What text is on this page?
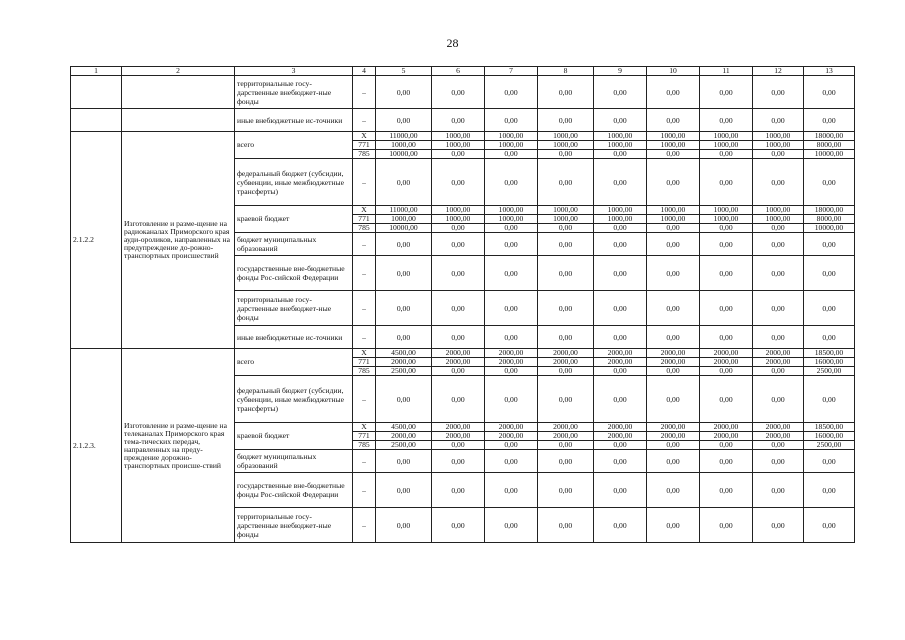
28
1	2	3	4	5	6	7	8	9	10	11	12	13
		территориальные госу-дарственные внебюджет-ные фонды	–	0,00	0,00	0,00	0,00	0,00	0,00	0,00	0,00	0,00
		иные внебюджетные ис-точники	–	0,00	0,00	0,00	0,00	0,00	0,00	0,00	0,00	0,00
2.1.2.2	Изготовление и разме-щение на радиоканалах Приморского края ауди-ороликов, направленных на предупреждение до-рожно-транспортных происшествий	всего	X	11000,00	1000,00	1000,00	1000,00	1000,00	1000,00	1000,00	1000,00	18000,00
			771	1000,00	1000,00	1000,00	1000,00	1000,00	1000,00	1000,00	1000,00	8000,00
			785	10000,00	0,00	0,00	0,00	0,00	0,00	0,00	0,00	10000,00
		федеральный бюджет (субсидии, субвенции, иные межбюджетные трансферты)	–	0,00	0,00	0,00	0,00	0,00	0,00	0,00	0,00	0,00
		краевой бюджет	X	11000,00	1000,00	1000,00	1000,00	1000,00	1000,00	1000,00	1000,00	18000,00
			771	1000,00	1000,00	1000,00	1000,00	1000,00	1000,00	1000,00	1000,00	8000,00
			785	10000,00	0,00	0,00	0,00	0,00	0,00	0,00	0,00	10000,00
		бюджет муниципальных образований	–	0,00	0,00	0,00	0,00	0,00	0,00	0,00	0,00	0,00
		государственные вне-бюджетные фонды Рос-сийской Федерации	–	0,00	0,00	0,00	0,00	0,00	0,00	0,00	0,00	0,00
		территориальные госу-дарственные внебюджет-ные фонды	–	0,00	0,00	0,00	0,00	0,00	0,00	0,00	0,00	0,00
		иные внебюджетные ис-точники	–	0,00	0,00	0,00	0,00	0,00	0,00	0,00	0,00	0,00
2.1.2.3.	Изготовление и разме-щение на телеканалах Приморского края тема-тических передач, направленных на преду-преждение дорожно-транспортных происше-ствий	всего	X	4500,00	2000,00	2000,00	2000,00	2000,00	2000,00	2000,00	2000,00	18500,00
			771	2000,00	2000,00	2000,00	2000,00	2000,00	2000,00	2000,00	2000,00	16000,00
			785	2500,00	0,00	0,00	0,00	0,00	0,00	0,00	0,00	2500,00
		федеральный бюджет (субсидии, субвенции, иные межбюджетные трансферты)	–	0,00	0,00	0,00	0,00	0,00	0,00	0,00	0,00	0,00
		краевой бюджет	X	4500,00	2000,00	2000,00	2000,00	2000,00	2000,00	2000,00	2000,00	18500,00
			771	2000,00	2000,00	2000,00	2000,00	2000,00	2000,00	2000,00	2000,00	16000,00
			785	2500,00	0,00	0,00	0,00	0,00	0,00	0,00	0,00	2500,00
		бюджет муниципальных образований	–	0,00	0,00	0,00	0,00	0,00	0,00	0,00	0,00	0,00
		государственные вне-бюджетные фонды Рос-сийской Федерации	–	0,00	0,00	0,00	0,00	0,00	0,00	0,00	0,00	0,00
		территориальные госу-дарственные внебюджет-ные фонды	–	0,00	0,00	0,00	0,00	0,00	0,00	0,00	0,00	0,00
